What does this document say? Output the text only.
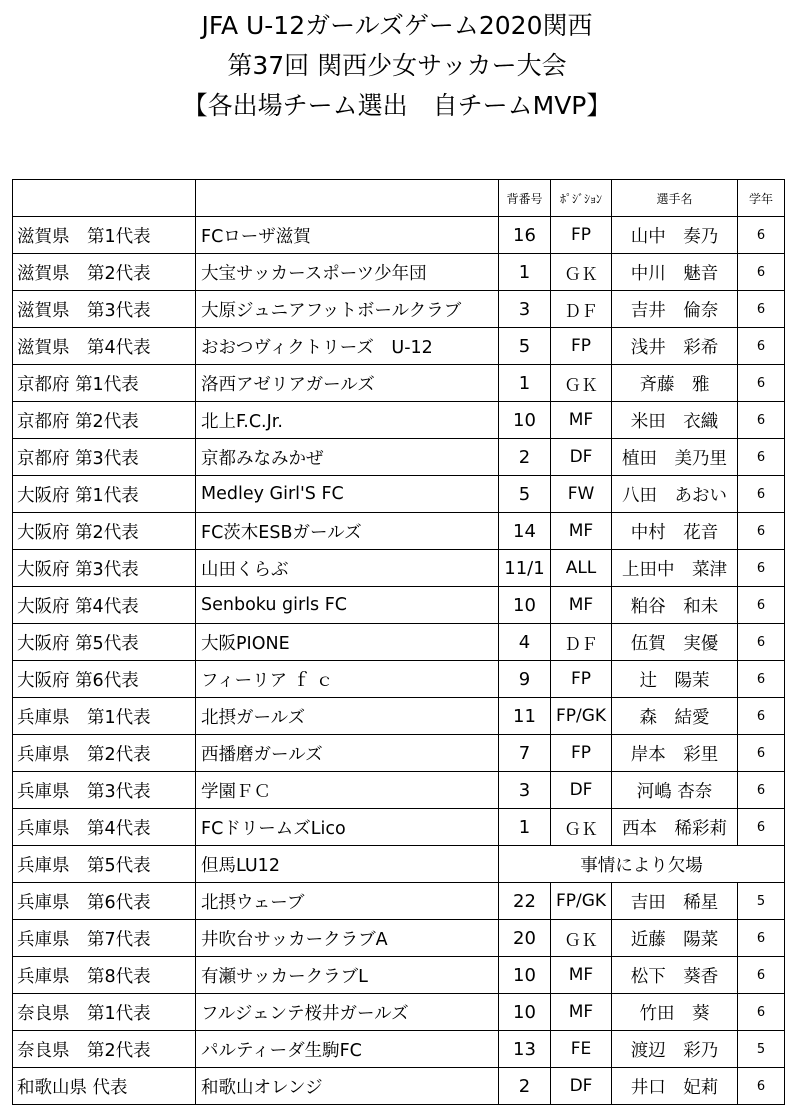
JFA U-12ガールズゲーム2020関西
第37回 関西少女サッカー大会
【各出場チーム選出　自チームMVP】
		背番号	ﾎﾟｼﾞｼｮﾝ	選手名	学年
滋賀県　第1代表	FCローザ滋賀	16	FP	山中　奏乃	6
滋賀県　第2代表	大宝サッカースポーツ少年団	1	ＧＫ	中川　魅音	6
滋賀県　第3代表	大原ジュニアフットボールクラブ	3	ＤＦ	吉井　倫奈	6
滋賀県　第4代表	おおつヴィクトリーズ　U-12	5	FP	浅井　彩希	6
京都府 第1代表	洛西アゼリアガールズ	1	ＧＫ	斉藤　雅	6
京都府 第2代表	北上F.C.Jr.	10	MF	米田　衣織	6
京都府 第3代表	京都みなみかぜ	2	DF	植田　美乃里	6
大阪府 第1代表	Medley Girl'S FC	5	FW	八田　あおい	6
大阪府 第2代表	FC茨木ESBガールズ	14	MF	中村　花音	6
大阪府 第3代表	山田くらぶ	11/1	ALL	上田中　菜津	6
大阪府 第4代表	Senboku girls FC	10	MF	粕谷　和未	6
大阪府 第5代表	大阪PIONE	4	ＤＦ	伍賀　実優	6
大阪府 第6代表	フィーリア ｆ ｃ	9	FP	辻　陽茉	6
兵庫県　第1代表	北摂ガールズ	11	FP/GK	森　結愛	6
兵庫県　第2代表	西播磨ガールズ	7	FP	岸本　彩里	6
兵庫県　第3代表	学園ＦＣ	3	DF	河嶋 杏奈	6
兵庫県　第4代表	FCドリームズLico	1	ＧＫ	西本　稀彩莉	6
兵庫県　第5代表	但馬LU12	事情により欠場			
兵庫県　第6代表	北摂ウェーブ	22	FP/GK	吉田　稀星	5
兵庫県　第7代表	井吹台サッカークラブA	20	ＧＫ	近藤　陽菜	6
兵庫県　第8代表	有瀬サッカークラブL	10	MF	松下　葵香	6
奈良県　第1代表	フルジェンテ桜井ガールズ	10	MF	竹田　葵	6
奈良県　第2代表	パルティーダ生駒FC	13	FE	渡辺　彩乃	5
和歌山県 代表	和歌山オレンジ	2	DF	井口　妃莉	6
